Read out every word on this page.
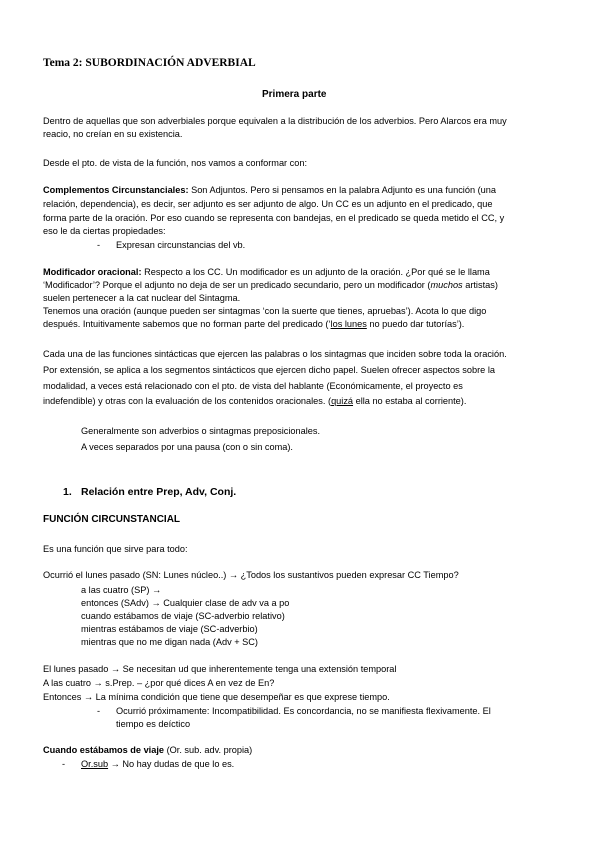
Tema 2: SUBORDINACIÓN ADVERBIAL
Primera parte
Dentro de aquellas que son adverbiales porque equivalen a la distribución de los adverbios. Pero Alarcos era muy
reacio, no creían en su existencia.
Desde el pto. de vista de la función, nos vamos a conformar con:
Complementos Circunstanciales: Son Adjuntos. Pero si pensamos en la palabra Adjunto es una función (una
relación, dependencia), es decir, ser adjunto es ser adjunto de algo. Un CC es un adjunto en el predicado, que
forma parte de la oración. Por eso cuando se representa con bandejas, en el predicado se queda metido el CC, y
eso le da ciertas propiedades:
- Expresan circunstancias del vb.
Modificador oracional: Respecto a los CC. Un modificador es un adjunto de la oración. ¿Por qué se le llama
‘Modificador’? Porque el adjunto no deja de ser un predicado secundario, pero un modificador (muchos artistas)
suelen pertenecer a la cat nuclear del Sintagma.
Tenemos una oración (aunque pueden ser sintagmas ‘con la suerte que tienes, apruebas’). Acota lo que digo
después. Intuitivamente sabemos que no forman parte del predicado (‘los lunes no puedo dar tutorías’).
Cada una de las funciones sintácticas que ejercen las palabras o los sintagmas que inciden sobre toda la oración.
Por extensión, se aplica a los segmentos sintácticos que ejercen dicho papel. Suelen ofrecer aspectos sobre la
modalidad, a veces está relacionado con el pto. de vista del hablante (Económicamente, el proyecto es
indefendible) y otras con la evaluación de los contenidos oracionales. (quizá ella no estaba al corriente).
Generalmente son adverbios o sintagmas preposicionales.
A veces separados por una pausa (con o sin coma).
1. Relación entre Prep, Adv, Conj.
FUNCIÓN CIRCUNSTANCIAL
Es una función que sirve para todo:
Ocurrió el lunes pasado (SN: Lunes núcleo..) → ¿Todos los sustantivos pueden expresar CC Tiempo?
a las cuatro (SP) →
entonces (SAdv) → Cualquier clase de adv va a po
cuando estábamos de viaje (SC-adverbio relativo)
mientras estábamos de viaje (SC-adverbio)
mientras que no me digan nada (Adv + SC)
El lunes pasado → Se necesitan ud que inherentemente tenga una extensión temporal
A las cuatro → s.Prep. – ¿por qué dices A en vez de En?
Entonces → La mínima condición que tiene que desempeñar es que exprese tiempo.
- Ocurrió próximamente: Incompatibilidad. Es concordancia, no se manifiesta flexivamente. El
tiempo es deíctico
Cuando estábamos de viaje (Or. sub. adv. propia)
- Or.sub → No hay dudas de que lo es.
